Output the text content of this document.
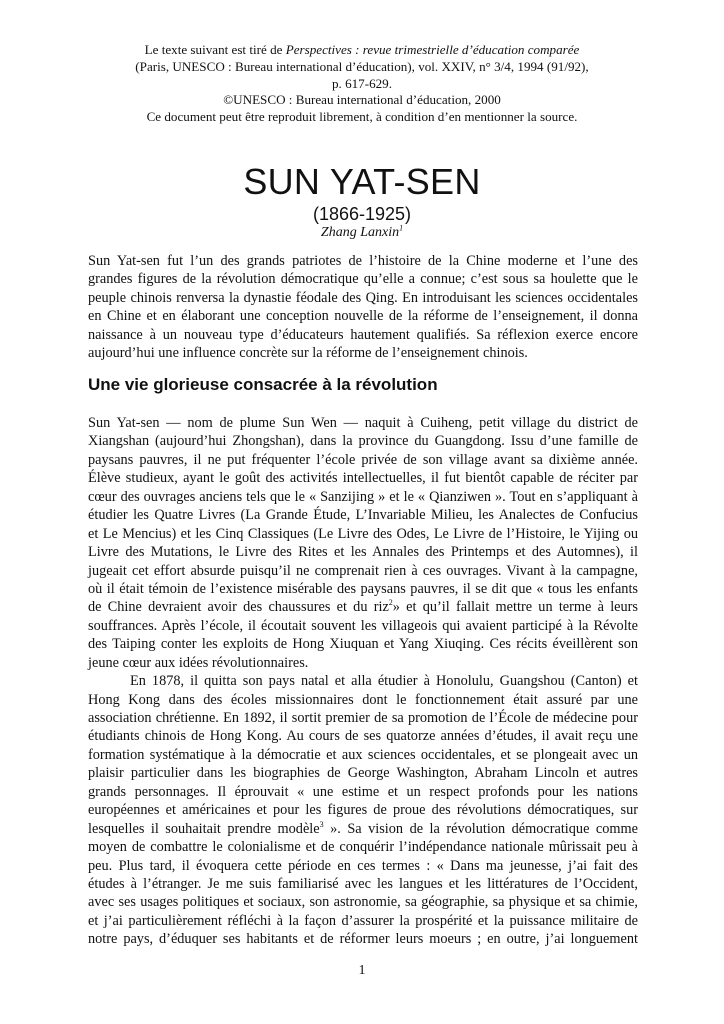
Le texte suivant est tiré de Perspectives : revue trimestrielle d’éducation comparée
(Paris, UNESCO : Bureau international d’éducation), vol. XXIV, n° 3/4, 1994 (91/92),
p. 617-629.
©UNESCO : Bureau international d’éducation, 2000
Ce document peut être reproduit librement, à condition d’en mentionner la source.
SUN YAT-SEN
(1866-1925)
Zhang Lanxin$^1$
Sun Yat-sen fut l’un des grands patriotes de l’histoire de la Chine moderne et l’une des
grandes figures de la révolution démocratique qu’elle a connue; c’est sous sa houlette que le
peuple chinois renversa la dynastie féodale des Qing. En introduisant les sciences occidentales
en Chine et en élaborant une conception nouvelle de la réforme de l’enseignement, il donna
naissance à un nouveau type d’éducateurs hautement qualifiés. Sa réflexion exerce encore
aujourd’hui une influence concrète sur la réforme de l’enseignement chinois.
Une vie glorieuse consacrée à la révolution
Sun Yat-sen — nom de plume Sun Wen — naquit à Cuiheng, petit village du district de
Xiangshan (aujourd’hui Zhongshan), dans la province du Guangdong. Issu d’une famille de
paysans pauvres, il ne put fréquenter l’école privée de son village avant sa dixième année.
Élève studieux, ayant le goût des activités intellectuelles, il fut bientôt capable de réciter par
cœur des ouvrages anciens tels que le « Sanzijing » et le « Qianziwen ». Tout en s’appliquant à
étudier les Quatre Livres (La Grande Étude, L’Invariable Milieu, les Analectes de Confucius
et Le Mencius) et les Cinq Classiques (Le Livre des Odes, Le Livre de l’Histoire, le Yijing ou
Livre des Mutations, le Livre des Rites et les Annales des Printemps et des Automnes), il
jugeait cet effort absurde puisqu’il ne comprenait rien à ces ouvrages. Vivant à la campagne,
où il était témoin de l’existence misérable des paysans pauvres, il se dit que « tous les enfants
de Chine devraient avoir des chaussures et du riz$^2$» et qu’il fallait mettre un terme à leurs
souffrances. Après l’école, il écoutait souvent les villageois qui avaient participé à la Révolte
des Taiping conter les exploits de Hong Xiuquan et Yang Xiuqing. Ces récits éveillèrent son
jeune cœur aux idées révolutionnaires.
En 1878, il quitta son pays natal et alla étudier à Honolulu, Guangshou (Canton) et
Hong Kong dans des écoles missionnaires dont le fonctionnement était assuré par une
association chrétienne. En 1892, il sortit premier de sa promotion de l’École de médecine pour
étudiants chinois de Hong Kong. Au cours de ses quatorze années d’études, il avait reçu une
formation systématique à la démocratie et aux sciences occidentales, et se plongeait avec un
plaisir particulier dans les biographies de George Washington, Abraham Lincoln et autres
grands personnages. Il éprouvait « une estime et un respect profonds pour les nations
européennes et américaines et pour les figures de proue des révolutions démocratiques, sur
lesquelles il souhaitait prendre modèle$^3$ ». Sa vision de la révolution démocratique comme
moyen de combattre le colonialisme et de conquérir l’indépendance nationale mûrissait peu à
peu. Plus tard, il évoquera cette période en ces termes : « Dans ma jeunesse, j’ai fait des
études à l’étranger. Je me suis familiarisé avec les langues et les littératures de l’Occident,
avec ses usages politiques et sociaux, son astronomie, sa géographie, sa physique et sa chimie,
et j’ai particulièrement réfléchi à la façon d’assurer la prospérité et la puissance militaire de
notre pays, d’éduquer ses habitants et de réformer leurs moeurs ; en outre, j’ai longuement
1
